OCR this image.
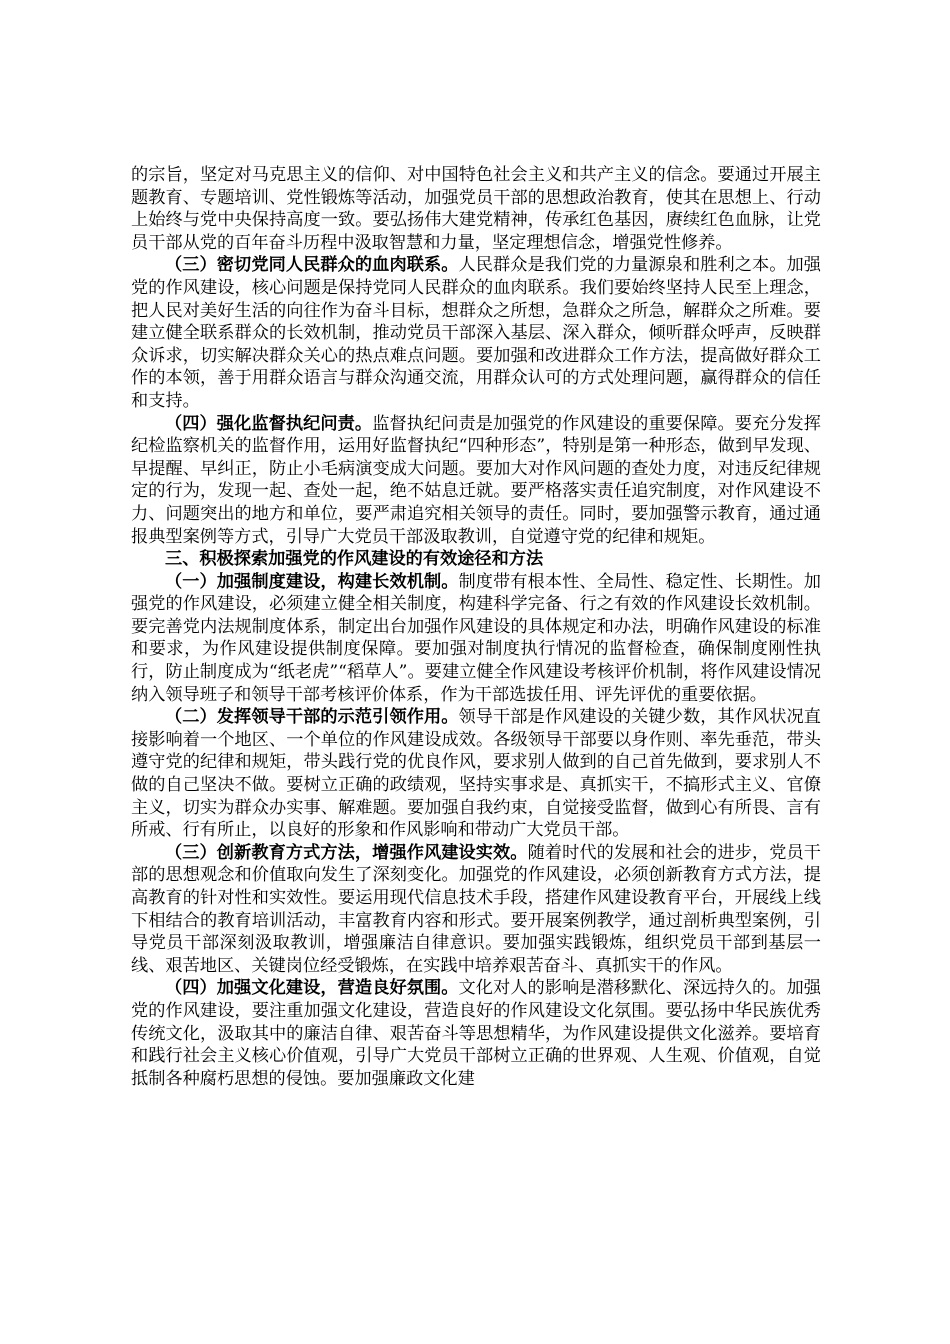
的宗旨，坚定对马克思主义的信仰、对中国特色社会主义和共产主义的信念。要通过开展主题教育、专题培训、党性锻炼等活动，加强党员干部的思想政治教育，使其在思想上、行动上始终与党中央保持高度一致。要弘扬伟大建党精神，传承红色基因，赓续红色血脉，让党员干部从党的百年奋斗历程中汲取智慧和力量，坚定理想信念，增强党性修养。

（三）密切党同人民群众的血肉联系。人民群众是我们党的力量源泉和胜利之本。加强党的作风建设，核心问题是保持党同人民群众的血肉联系。我们要始终坚持人民至上理念，把人民对美好生活的向往作为奋斗目标，想群众之所想，急群众之所急，解群众之所难。要建立健全联系群众的长效机制，推动党员干部深入基层、深入群众，倾听群众呼声，反映群众诉求，切实解决群众关心的热点难点问题。要加强和改进群众工作方法，提高做好群众工作的本领，善于用群众语言与群众沟通交流，用群众认可的方式处理问题，赢得群众的信任和支持。

（四）强化监督执纪问责。监督执纪问责是加强党的作风建设的重要保障。要充分发挥纪检监察机关的监督作用，运用好监督执纪“四种形态”，特别是第一种形态，做到早发现、早提醒、早纠正，防止小毛病演变成大问题。要加大对作风问题的查处力度，对违反纪律规定的行为，发现一起、查处一起，绝不姑息迁就。要严格落实责任追究制度，对作风建设不力、问题突出的地方和单位，要严肃追究相关领导的责任。同时，要加强警示教育，通过通报典型案例等方式，引导广大党员干部汲取教训，自觉遵守党的纪律和规矩。

三、积极探索加强党的作风建设的有效途径和方法

（一）加强制度建设，构建长效机制。制度带有根本性、全局性、稳定性、长期性。加强党的作风建设，必须建立健全相关制度，构建科学完备、行之有效的作风建设长效机制。要完善党内法规制度体系，制定出台加强作风建设的具体规定和办法，明确作风建设的标准和要求，为作风建设提供制度保障。要加强对制度执行情况的监督检查，确保制度刚性执行，防止制度成为“纸老虎”“稻草人”。要建立健全作风建设考核评价机制，将作风建设情况纳入领导班子和领导干部考核评价体系，作为干部选拔任用、评先评优的重要依据。

（二）发挥领导干部的示范引领作用。领导干部是作风建设的关键少数，其作风状况直接影响着一个地区、一个单位的作风建设成效。各级领导干部要以身作则、率先垂范，带头遵守党的纪律和规矩，带头践行党的优良作风，要求别人做到的自己首先做到，要求别人不做的自己坚决不做。要树立正确的政绩观，坚持实事求是、真抓实干，不搞形式主义、官僚主义，切实为群众办实事、解难题。要加强自我约束，自觉接受监督，做到心有所畏、言有所戒、行有所止，以良好的形象和作风影响和带动广大党员干部。

（三）创新教育方式方法，增强作风建设实效。随着时代的发展和社会的进步，党员干部的思想观念和价值取向发生了深刻变化。加强党的作风建设，必须创新教育方式方法，提高教育的针对性和实效性。要运用现代信息技术手段，搭建作风建设教育平台，开展线上线下相结合的教育培训活动，丰富教育内容和形式。要开展案例教学，通过剖析典型案例，引导党员干部深刻汲取教训，增强廉洁自律意识。要加强实践锻炼，组织党员干部到基层一线、艰苦地区、关键岗位经受锻炼，在实践中培养艰苦奋斗、真抓实干的作风。

（四）加强文化建设，营造良好氛围。文化对人的影响是潜移默化、深远持久的。加强党的作风建设，要注重加强文化建设，营造良好的作风建设文化氛围。要弘扬中华民族优秀传统文化，汲取其中的廉洁自律、艰苦奋斗等思想精华，为作风建设提供文化滋养。要培育和践行社会主义核心价值观，引导广大党员干部树立正确的世界观、人生观、价值观，自觉抵制各种腐朽思想的侵蚀。要加强廉政文化建
